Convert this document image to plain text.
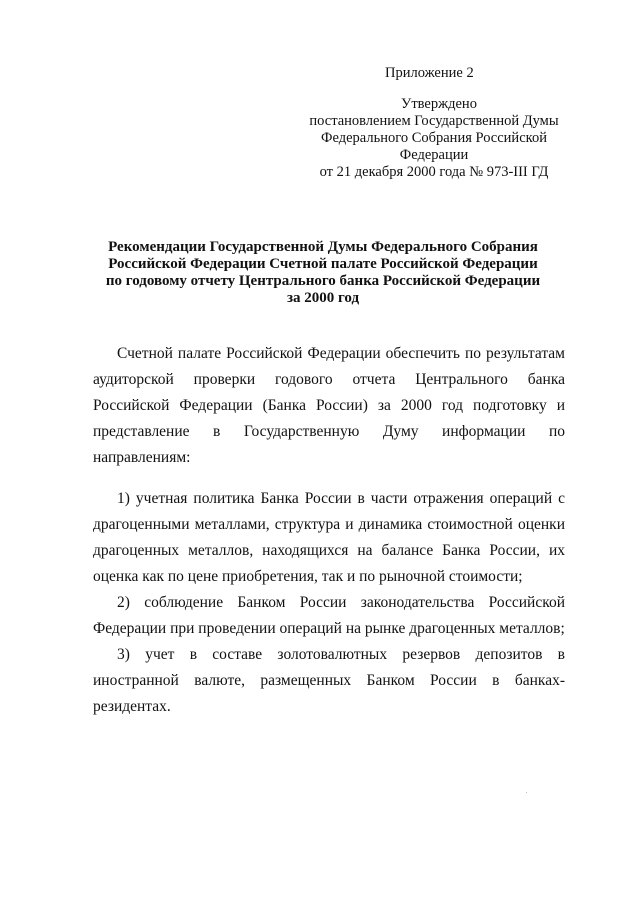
Приложение 2
Утверждено
постановлением Государственной Думы
Федерального Собрания Российской
Федерации
от 21 декабря 2000 года № 973-III ГД
Рекомендации Государственной Думы Федерального Собрания
Российской Федерации Счетной палате Российской Федерации
по годовому отчету Центрального банка Российской Федерации
за 2000 год

Счетной палате Российской Федерации обеспечить по результатам аудиторской проверки годового отчета Центрального банка Российской Федерации (Банка России) за 2000 год подготовку и представление в Государственную Думу информации по направлениям:

1) учетная политика Банка России в части отражения операций с драгоценными металлами, структура и динамика стоимостной оценки драгоценных металлов, находящихся на балансе Банка России, их оценка как по цене приобретения, так и по рыночной стоимости;

2) соблюдение Банком России законодательства Российской Федерации при проведении операций на рынке драгоценных металлов;

3) учет в составе золотовалютных резервов депозитов в иностранной валюте, размещенных Банком России в банках-резидентах.
